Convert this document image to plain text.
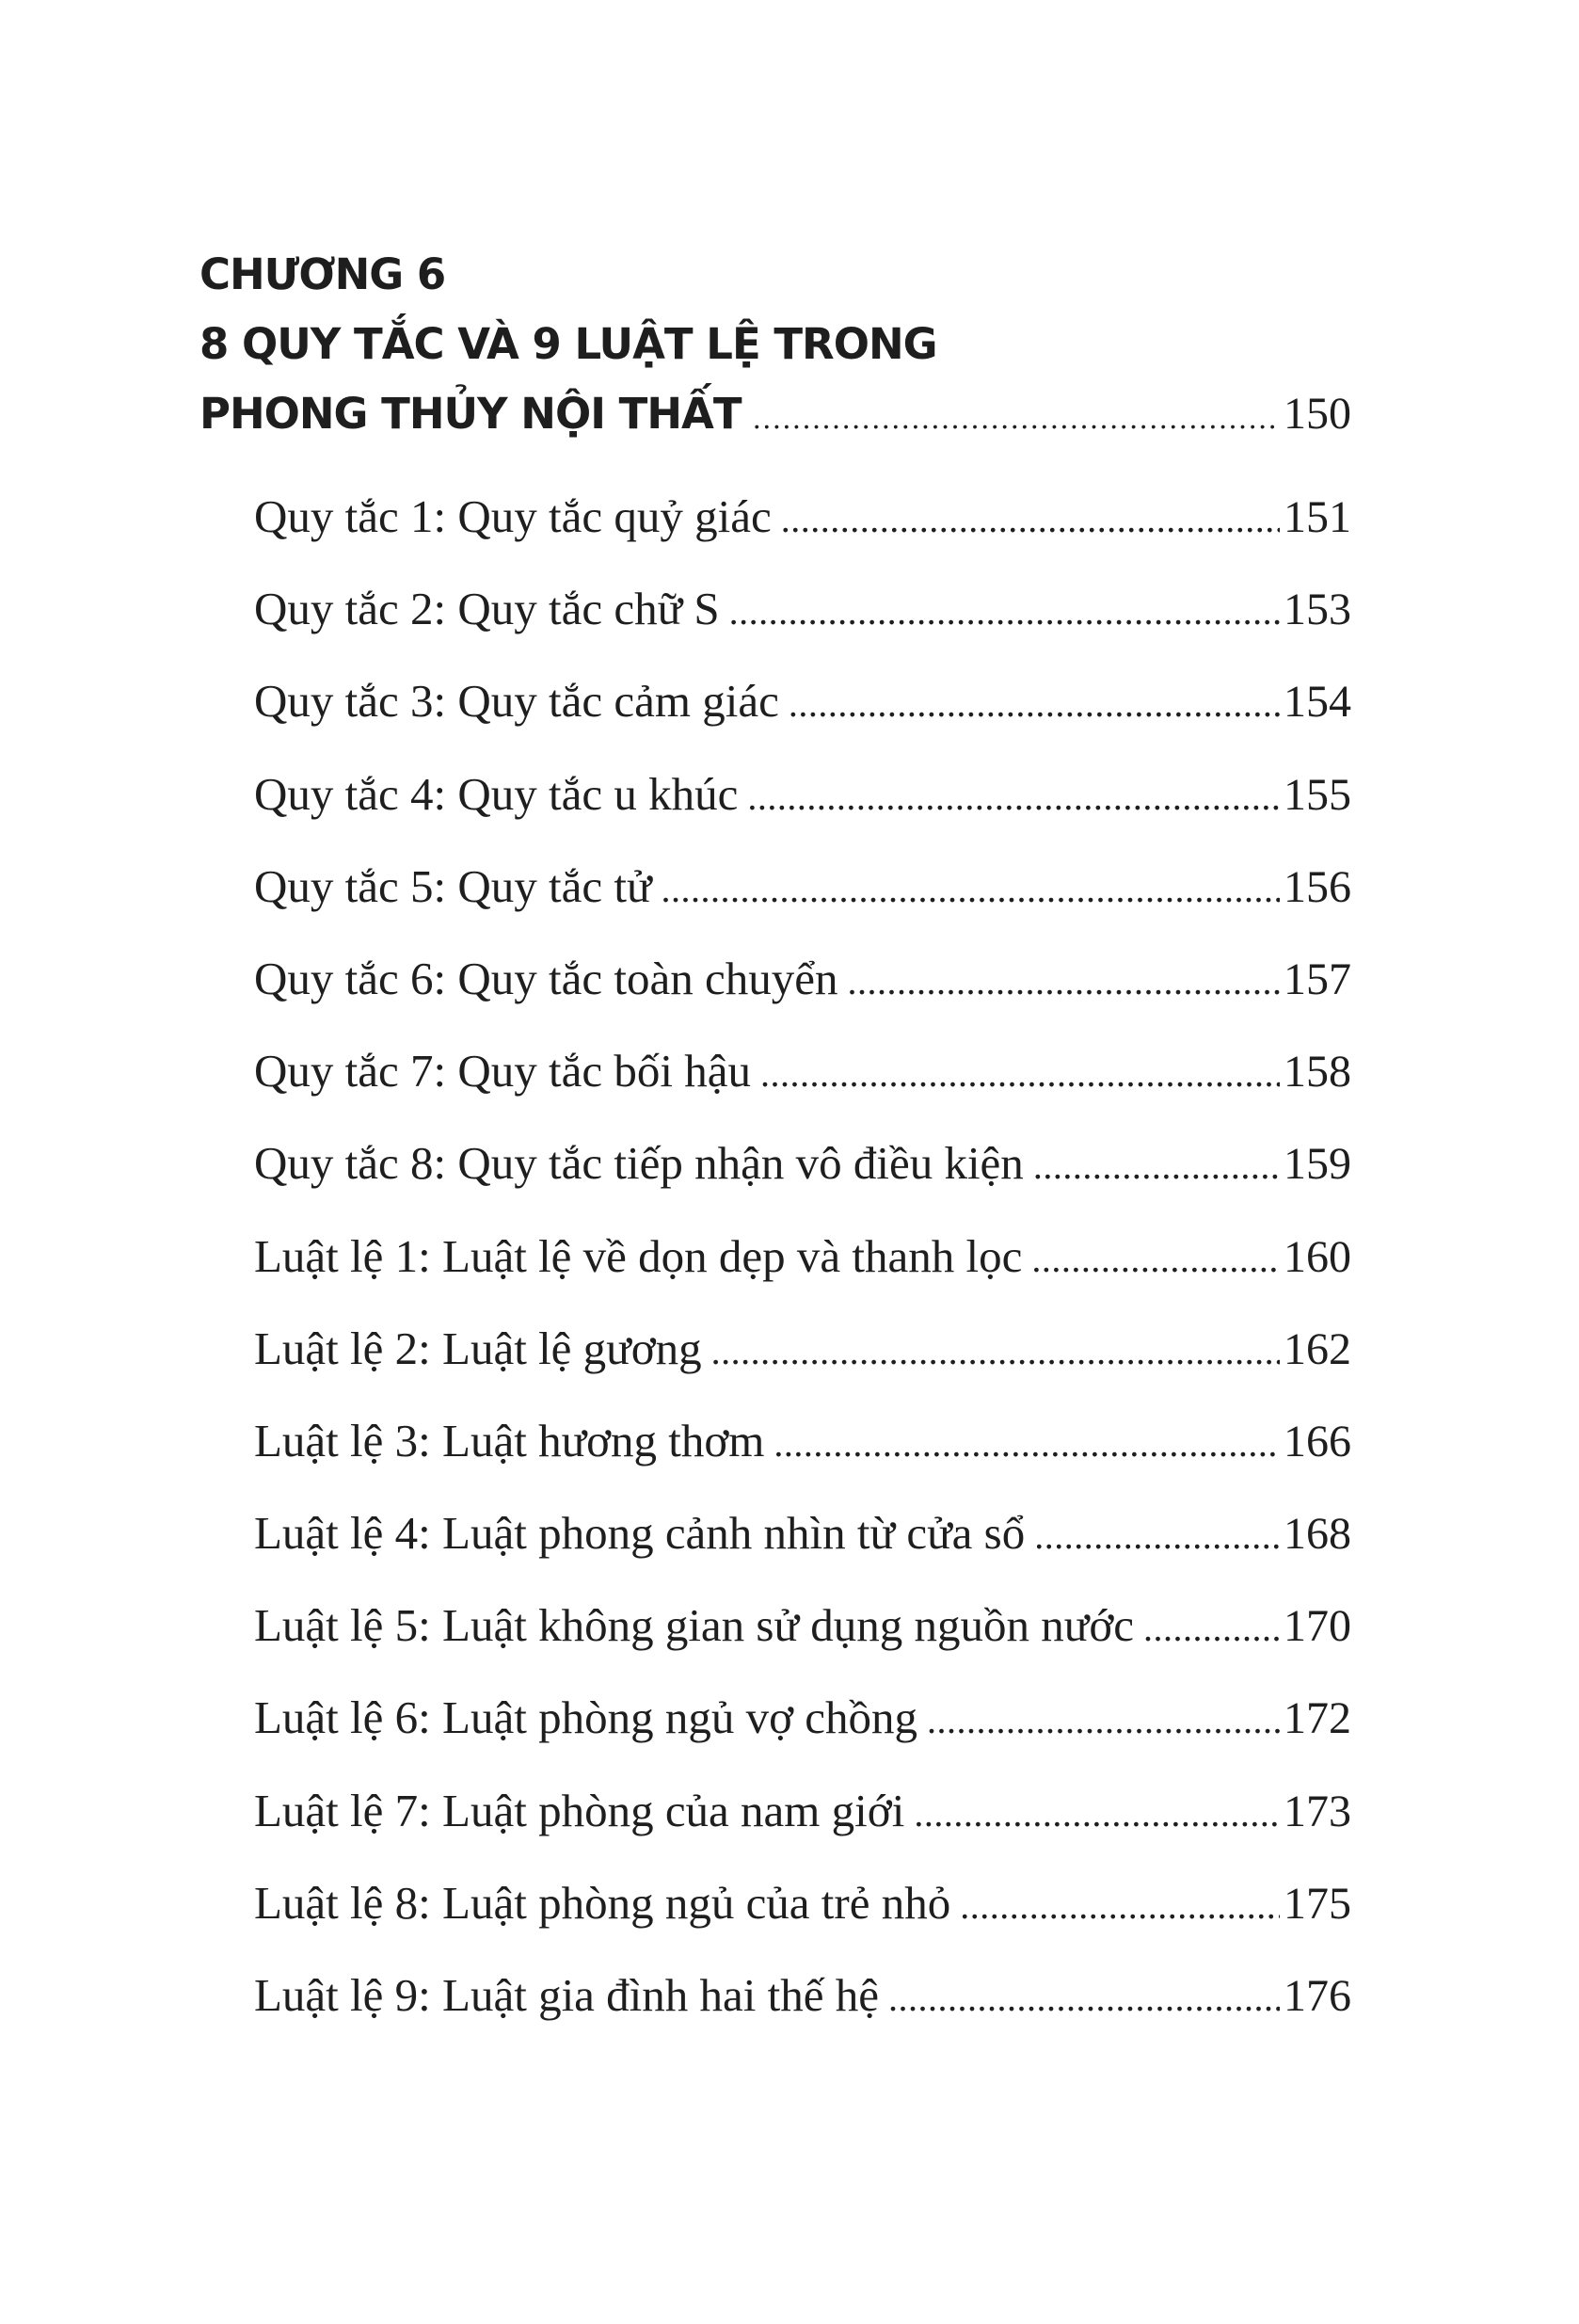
CHƯƠNG 6
8 QUY TẮC VÀ 9 LUẬT LỆ TRONG
PHONG THỦY NỘI THẤT .....	150
Quy tắc 1: Quy tắc quỷ giác .....	151
Quy tắc 2: Quy tắc chữ S .....	153
Quy tắc 3: Quy tắc cảm giác .....	154
Quy tắc 4: Quy tắc u khúc .....	155
Quy tắc 5: Quy tắc tử .....	156
Quy tắc 6: Quy tắc toàn chuyển .....	157
Quy tắc 7: Quy tắc bối hậu .....	158
Quy tắc 8: Quy tắc tiếp nhận vô điều kiện .....	159
Luật lệ 1: Luật lệ về dọn dẹp và thanh lọc .....	160
Luật lệ 2: Luật lệ gương .....	162
Luật lệ 3: Luật hương thơm .....	166
Luật lệ 4: Luật phong cảnh nhìn từ cửa sổ .....	168
Luật lệ 5: Luật không gian sử dụng nguồn nước .....	170
Luật lệ 6: Luật phòng ngủ vợ chồng .....	172
Luật lệ 7: Luật phòng của nam giới .....	173
Luật lệ 8: Luật phòng ngủ của trẻ nhỏ .....	175
Luật lệ 9: Luật gia đình hai thế hệ .....	176
